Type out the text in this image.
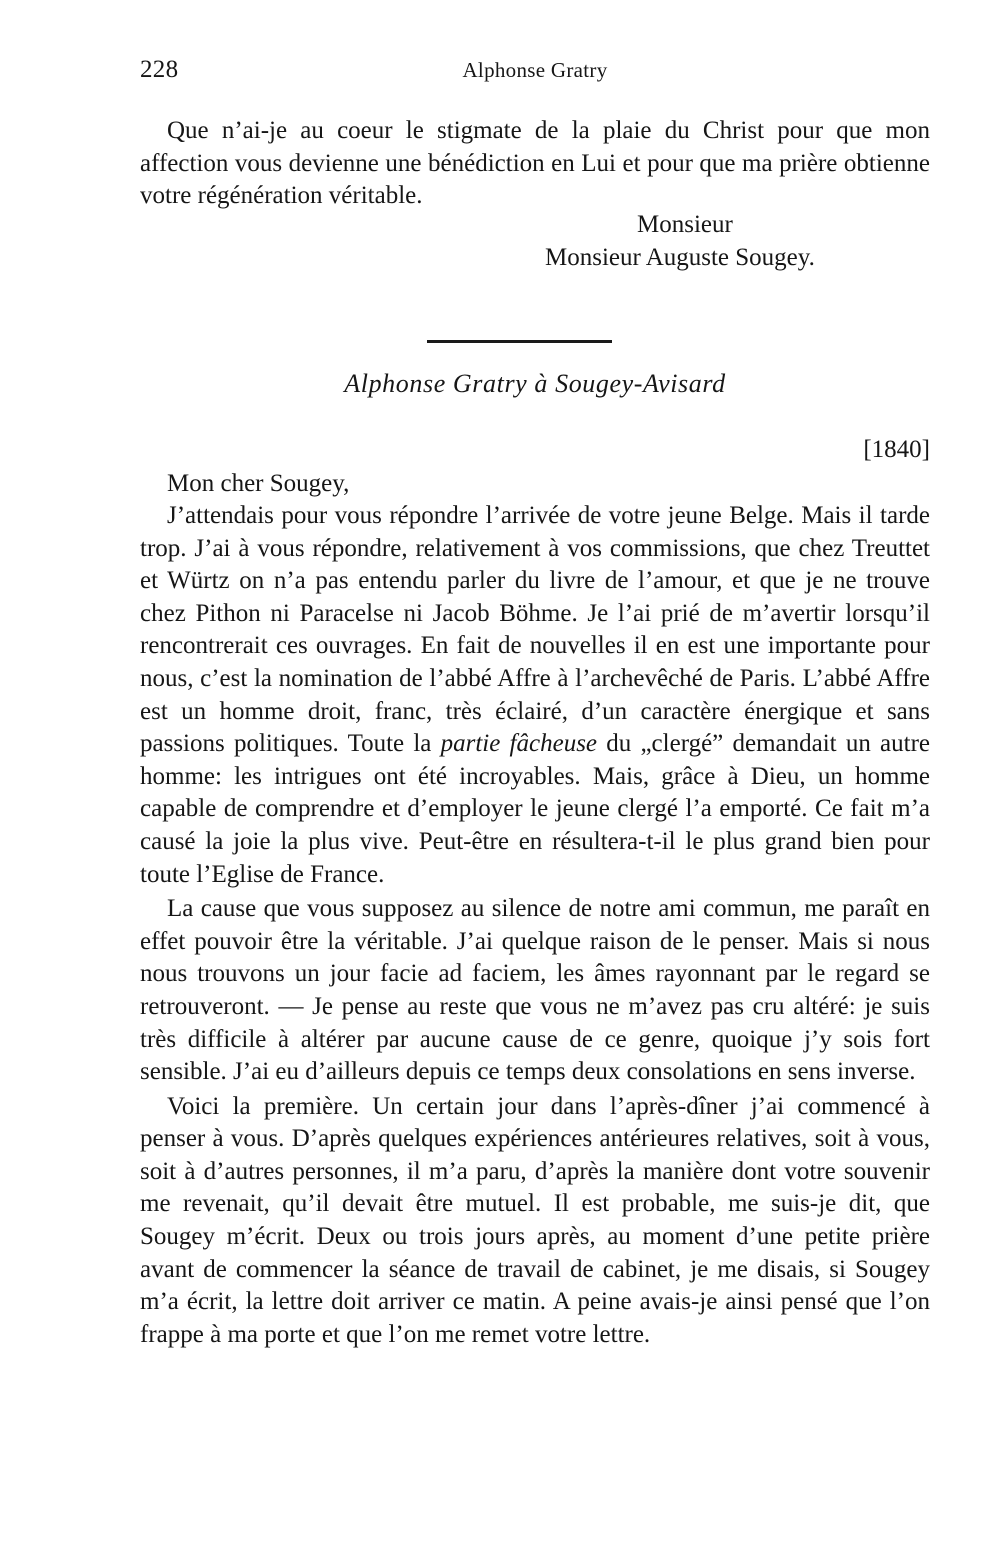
228	Alphonse Gratry

Que n’ai-je au coeur le stigmate de la plaie du Christ pour que mon affection vous devienne une bénédiction en Lui et pour que ma prière obtienne votre régénération véritable.

Monsieur
Monsieur Auguste Sougey.
Alphonse Gratry à Sougey-Avisard
[1840]
Mon cher Sougey,

J’attendais pour vous répondre l’arrivée de votre jeune Belge. Mais il tarde trop. J’ai à vous répondre, relativement à vos commissions, que chez Treuttet et Würtz on n’a pas entendu parler du livre de l’amour, et que je ne trouve chez Pithon ni Paracelse ni Jacob Böhme. Je l’ai prié de m’avertir lorsqu’il rencontrerait ces ouvrages. En fait de nouvelles il en est une importante pour nous, c’est la nomination de l’abbé Affre à l’archevêché de Paris. L’abbé Affre est un homme droit, franc, très éclairé, d’un caractère énergique et sans passions politiques. Toute la partie fâcheuse du „clergé” demandait un autre homme: les intrigues ont été incroyables. Mais, grâce à Dieu, un homme capable de comprendre et d’employer le jeune clergé l’a emporté. Ce fait m’a causé la joie la plus vive. Peut-être en résultera-t-il le plus grand bien pour toute l’Eglise de France.

La cause que vous supposez au silence de notre ami commun, me paraît en effet pouvoir être la véritable. J’ai quelque raison de le penser. Mais si nous nous trouvons un jour facie ad faciem, les âmes rayonnant par le regard se retrouveront. — Je pense au reste que vous ne m’avez pas cru altéré: je suis très difficile à altérer par aucune cause de ce genre, quoique j’y sois fort sensible. J’ai eu d’ailleurs depuis ce temps deux consolations en sens inverse.

Voici la première. Un certain jour dans l’après-dîner j’ai commencé à penser à vous. D’après quelques expériences antérieures relatives, soit à vous, soit à d’autres personnes, il m’a paru, d’après la manière dont votre souvenir me revenait, qu’il devait être mutuel. Il est probable, me suis-je dit, que Sougey m’écrit. Deux ou trois jours après, au moment d’une petite prière avant de commencer la séance de travail de cabinet, je me disais, si Sougey m’a écrit, la lettre doit arriver ce matin. A peine avais-je ainsi pensé que l’on frappe à ma porte et que l’on me remet votre lettre.
